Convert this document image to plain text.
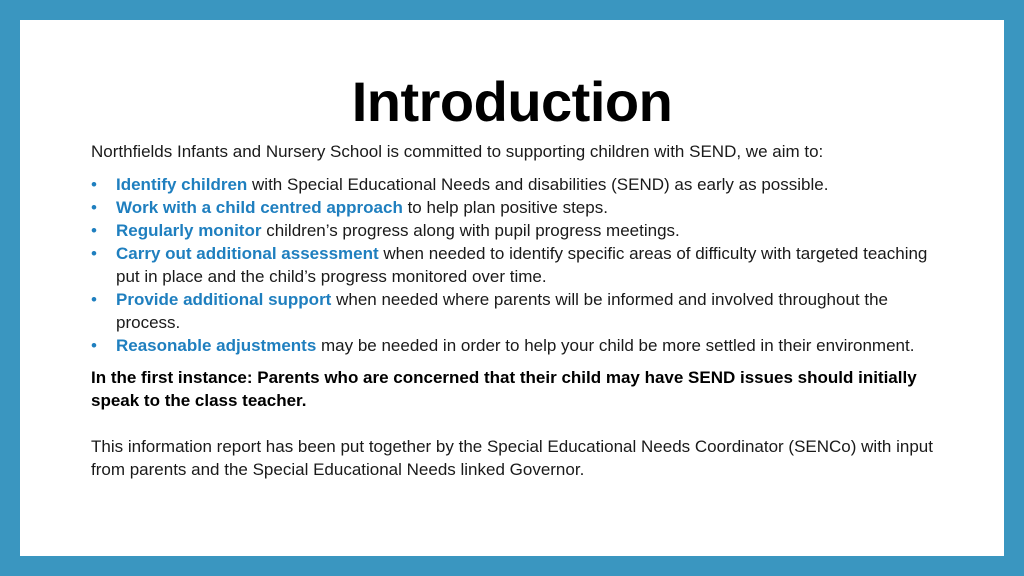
Introduction

Northfields Infants and Nursery School is committed to supporting children with SEND, we aim to:

• Identify children with Special Educational Needs and disabilities (SEND) as early as possible.
• Work with a child centred approach to help plan positive steps.
• Regularly monitor children’s progress along with pupil progress meetings.
• Carry out additional assessment when needed to identify specific areas of difficulty with targeted teaching put in place and the child’s progress monitored over time.
• Provide additional support when needed where parents will be informed and involved throughout the process.
• Reasonable adjustments may be needed in order to help your child be more settled in their environment.

In the first instance: Parents who are concerned that their child may have SEND issues should initially speak to the class teacher.

This information report has been put together by the Special Educational Needs Coordinator (SENCo) with input from parents and the Special Educational Needs linked Governor.
